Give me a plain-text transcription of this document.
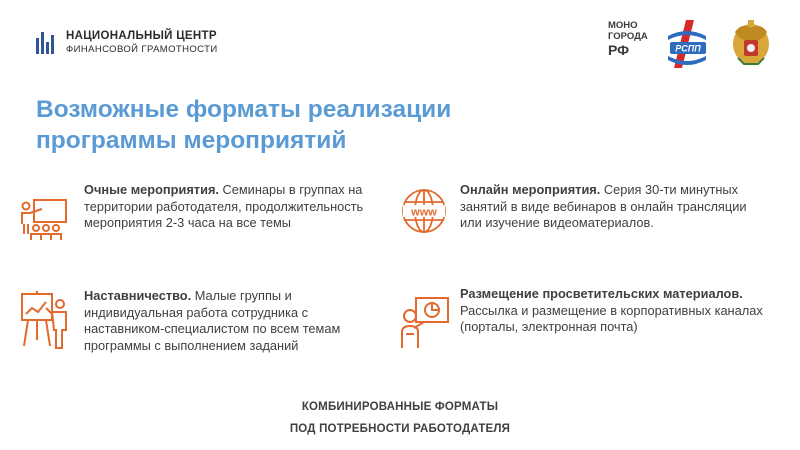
НАЦИОНАЛЬНЫЙ ЦЕНТР
ФИНАНСОВОЙ ГРАМОТНОСТИ
МОНО
ГОРОДА
РФ	РСПП
Возможные форматы реализации
программы мероприятий
Очные мероприятия. Семинары в группах на территории работодателя, продолжительность мероприятия 2-3 часа на все темы
www
Онлайн мероприятия. Серия 30-ти минутных занятий в виде вебинаров в онлайн трансляции или изучение видеоматериалов.
Наставничество. Малые группы и индивидуальная работа сотрудника с наставником-специалистом по всем темам программы с выполнением заданий
Размещение просветительских материалов. Рассылка и размещение в корпоративных каналах (порталы, электронная почта)
КОМБИНИРОВАННЫЕ ФОРМАТЫ
ПОД ПОТРЕБНОСТИ РАБОТОДАТЕЛЯ
